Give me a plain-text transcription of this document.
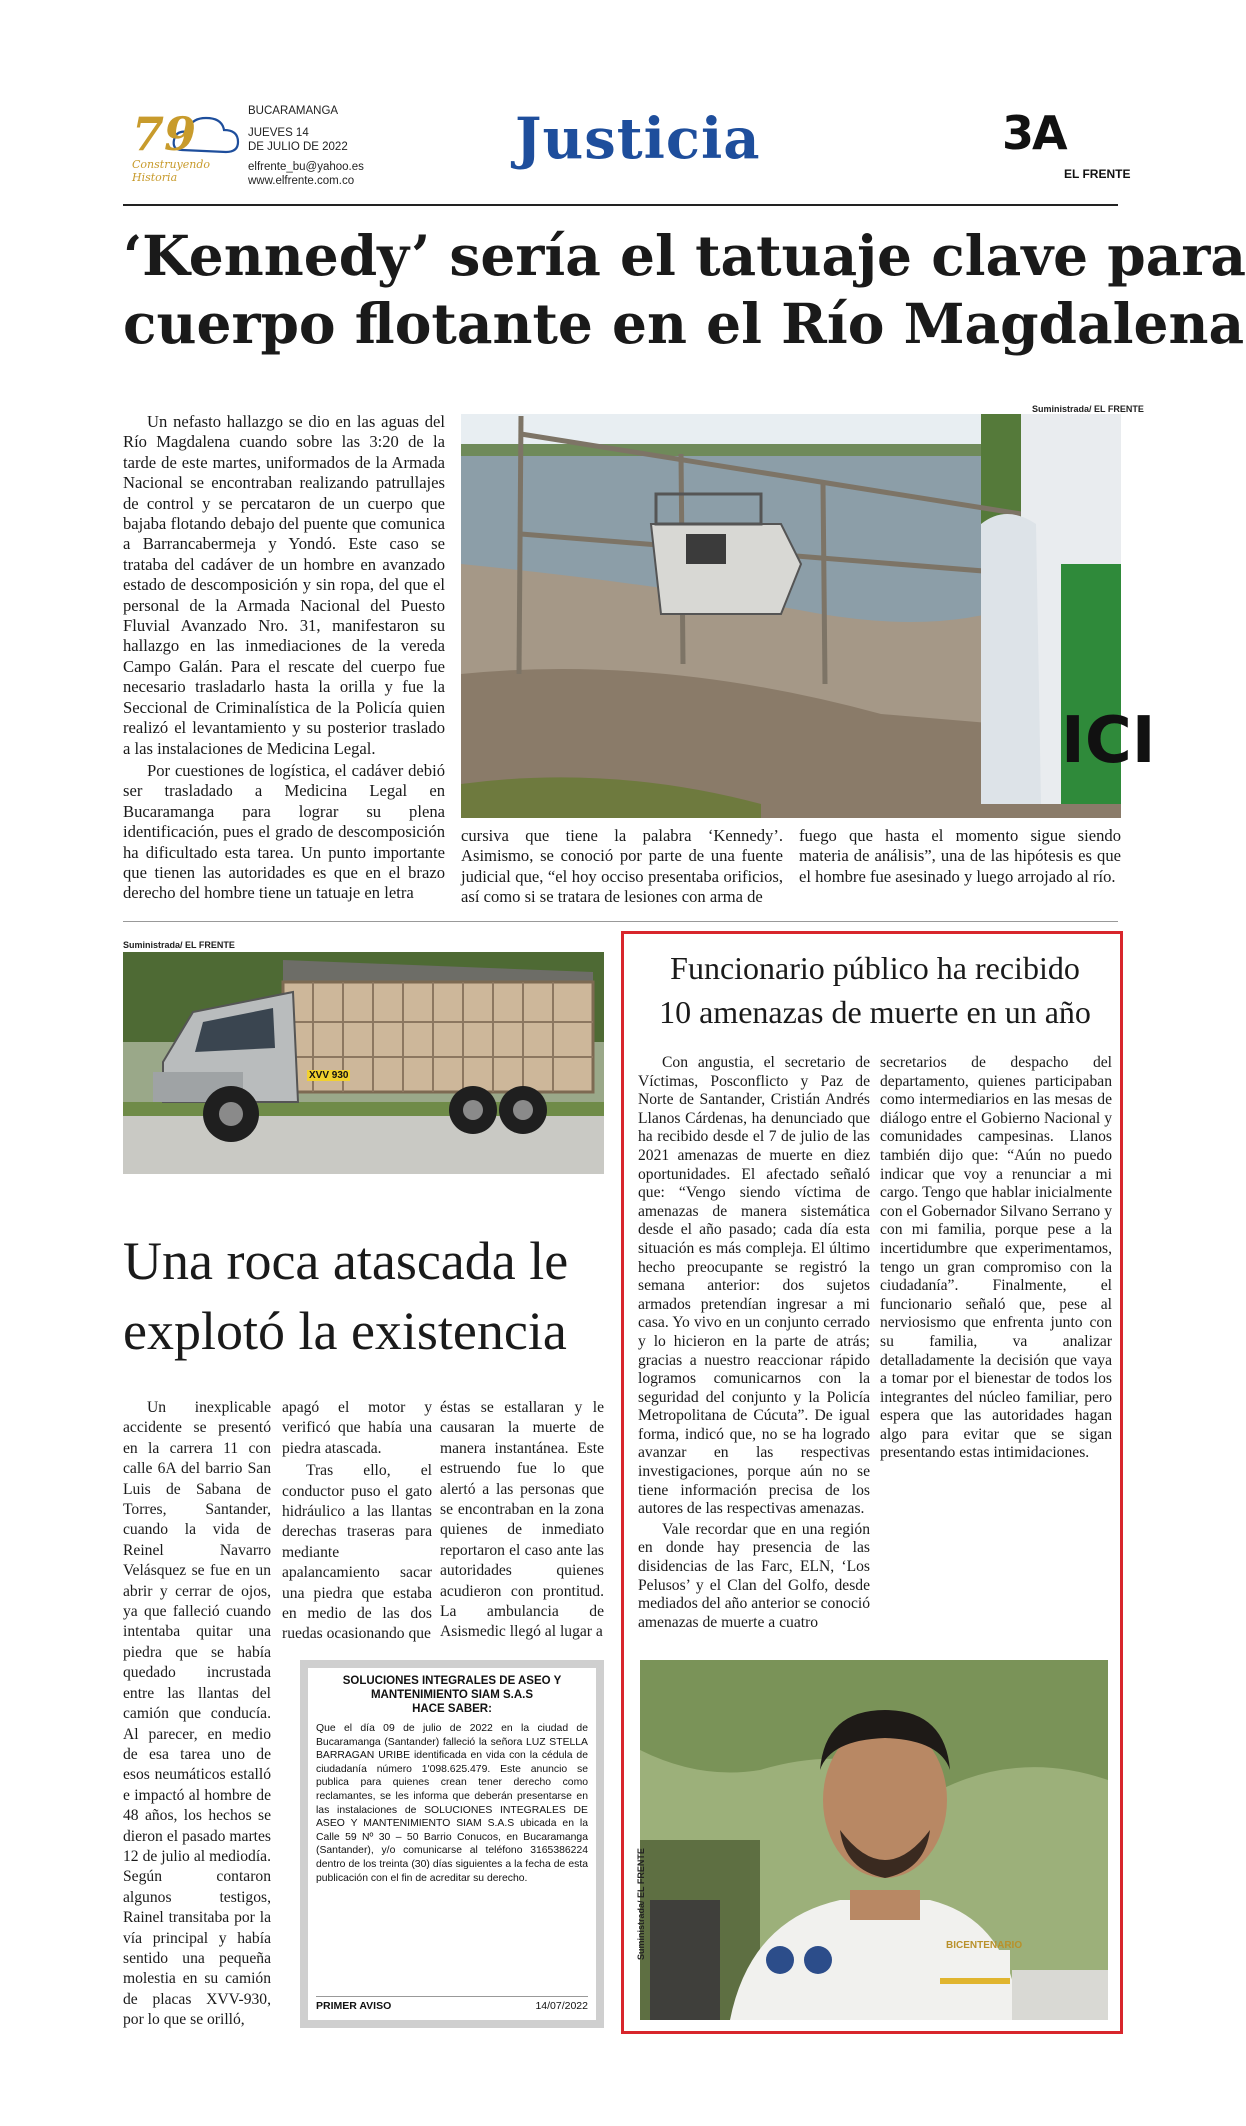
79
Construyendo Historia
BUCARAMANGA
JUEVES 14
DE JULIO DE 2022
elfrente_bu@yahoo.es
www.elfrente.com.co
Justicia	3A
EL FRENTE
‘Kennedy’ sería el tatuaje clave para
cuerpo flotante en el Río Magdalena
Suministrada/ EL FRENTE
ICI

Un nefasto hallazgo se dio en las aguas del Río Magdalena cuando sobre las 3:20 de la tarde de este martes, uniformados de la Armada Nacional se encontraban realizando patrullajes de control y se percataron de un cuerpo que bajaba flotando debajo del puente que comunica a Barrancabermeja y Yondó. Este caso se trataba del cadáver de un hombre en avanzado estado de descomposición y sin ropa, del que el personal de la Armada Nacional del Puesto Fluvial Avanzado Nro. 31, manifestaron su hallazgo en las inmediaciones de la vereda Campo Galán. Para el rescate del cuerpo fue necesario trasladarlo hasta la orilla y fue la Seccional de Criminalística de la Policía quien realizó el levantamiento y su posterior traslado a las instalaciones de Medicina Legal.

Por cuestiones de logística, el cadáver debió ser trasladado a Medicina Legal en Bucaramanga para lograr su plena identificación, pues el grado de descomposición ha dificultado esta tarea. Un punto importante que tienen las autoridades es que en el brazo derecho del hombre tiene un tatuaje en letra

cursiva que tiene la palabra ‘Kennedy’. Asimismo, se conoció por parte de una fuente judicial que, “el hoy occiso presentaba orificios, así como si se tratara de lesiones con arma de

fuego que hasta el momento sigue siendo materia de análisis”, una de las hipótesis es que el hombre fue asesinado y luego arrojado al río.

Suministrada/ EL FRENTE
XVV 930
Una roca atascada le
explotó la existencia

Un inexplicable accidente se presentó en la carrera 11 con calle 6A del barrio San Luis de Sabana de Torres, Santander, cuando la vida de Reinel Navarro Velásquez se fue en un abrir y cerrar de ojos, ya que falleció cuando intentaba quitar una piedra que se había quedado incrustada entre las llantas del camión que conducía. Al parecer, en medio de esa tarea uno de esos neumáticos estalló e impactó al hombre de 48 años, los hechos se dieron el pasado martes 12 de julio al mediodía. Según contaron algunos testigos, Rainel transitaba por la vía principal y había sentido una pequeña molestia en su camión de placas XVV-930, por lo que se orilló,

apagó el motor y verificó que había una piedra atascada.

Tras ello, el conductor puso el gato hidráulico a las llantas derechas traseras para mediante apalancamiento sacar una piedra que estaba en medio de las dos ruedas ocasionando que

éstas se estallaran y le causaran la muerte de manera instantánea. Este estruendo fue lo que alertó a las personas que se encontraban en la zona quienes de inmediato reportaron el caso ante las autoridades quienes acudieron con prontitud. La ambulancia de Asismedic llegó al lugar a

SOLUCIONES INTEGRALES DE ASEO Y
MANTENIMIENTO SIAM S.A.S
HACE SABER:
Que el día 09 de julio de 2022 en la ciudad de Bucaramanga (Santander) falleció la señora LUZ STELLA BARRAGAN URIBE identificada en vida con la cédula de ciudadanía número 1'098.625.479. Este anuncio se publica para quienes crean tener derecho como reclamantes, se les informa que deberán presentarse en las instalaciones de SOLUCIONES INTEGRALES DE ASEO Y MANTENIMIENTO SIAM S.A.S ubicada en la Calle 59 Nº 30 – 50 Barrio Conucos, en Bucaramanga (Santander), y/o comunicarse al teléfono 3165386224 dentro de los treinta (30) días siguientes a la fecha de esta publicación con el fin de acreditar su derecho.
PRIMER AVISO	14/07/2022
Funcionario público ha recibido
10 amenazas de muerte en un año

Con angustia, el secretario de Víctimas, Posconflicto y Paz de Norte de Santander, Cristián Andrés Llanos Cárdenas, ha denunciado que ha recibido desde el 7 de julio de las 2021 amenazas de muerte en diez oportunidades. El afectado señaló que: “Vengo siendo víctima de amenazas de manera sistemática desde el año pasado; cada día esta situación es más compleja. El último hecho preocupante se registró la semana anterior: dos sujetos armados pretendían ingresar a mi casa. Yo vivo en un conjunto cerrado y lo hicieron en la parte de atrás; gracias a nuestro reaccionar rápido logramos comunicarnos con la seguridad del conjunto y la Policía Metropolitana de Cúcuta”. De igual forma, indicó que, no se ha logrado avanzar en las respectivas investigaciones, porque aún no se tiene información precisa de los autores de las respectivas amenazas.

Vale recordar que en una región en donde hay presencia de las disidencias de las Farc, ELN, ‘Los Pelusos’ y el Clan del Golfo, desde mediados del año anterior se conoció amenazas de muerte a cuatro

secretarios de despacho del departamento, quienes participaban como intermediarios en las mesas de diálogo entre el Gobierno Nacional y comunidades campesinas. Llanos también dijo que: “Aún no puedo indicar que voy a renunciar a mi cargo. Tengo que hablar inicialmente con el Gobernador Silvano Serrano y con mi familia, porque pese a la incertidumbre que experimentamos, tengo un gran compromiso con la ciudadanía”. Finalmente, el funcionario señaló que, pese al nerviosismo que enfrenta junto con su familia, va analizar detalladamente la decisión que vaya a tomar por el bienestar de todos los integrantes del núcleo familiar, pero espera que las autoridades hagan algo para evitar que se sigan presentando estas intimidaciones.

BICENTENARIO
Suministrada/ EL FRENTE
